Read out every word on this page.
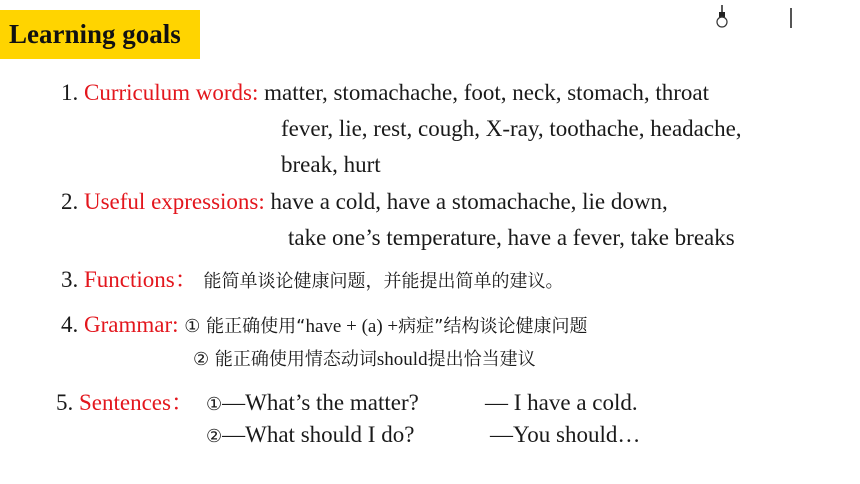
Learning goals
1. Curriculum words: matter, stomachache, foot, neck, stomach, throat
fever, lie, rest, cough, X-ray, toothache, headache,
break, hurt
2. Useful expressions: have a cold, have a stomachache, lie down,
take one’s temperature, have a fever, take breaks
3. Functions： 能简单谈论健康问题，并能提出简单的建议。
4. Grammar: ① 能正确使用“have + (a) +病症”结构谈论健康问题
② 能正确使用情态动词should提出恰当建议
5. Sentences： ①—What’s the matter?	— I have a cold.
②—What should I do?	—You should…
